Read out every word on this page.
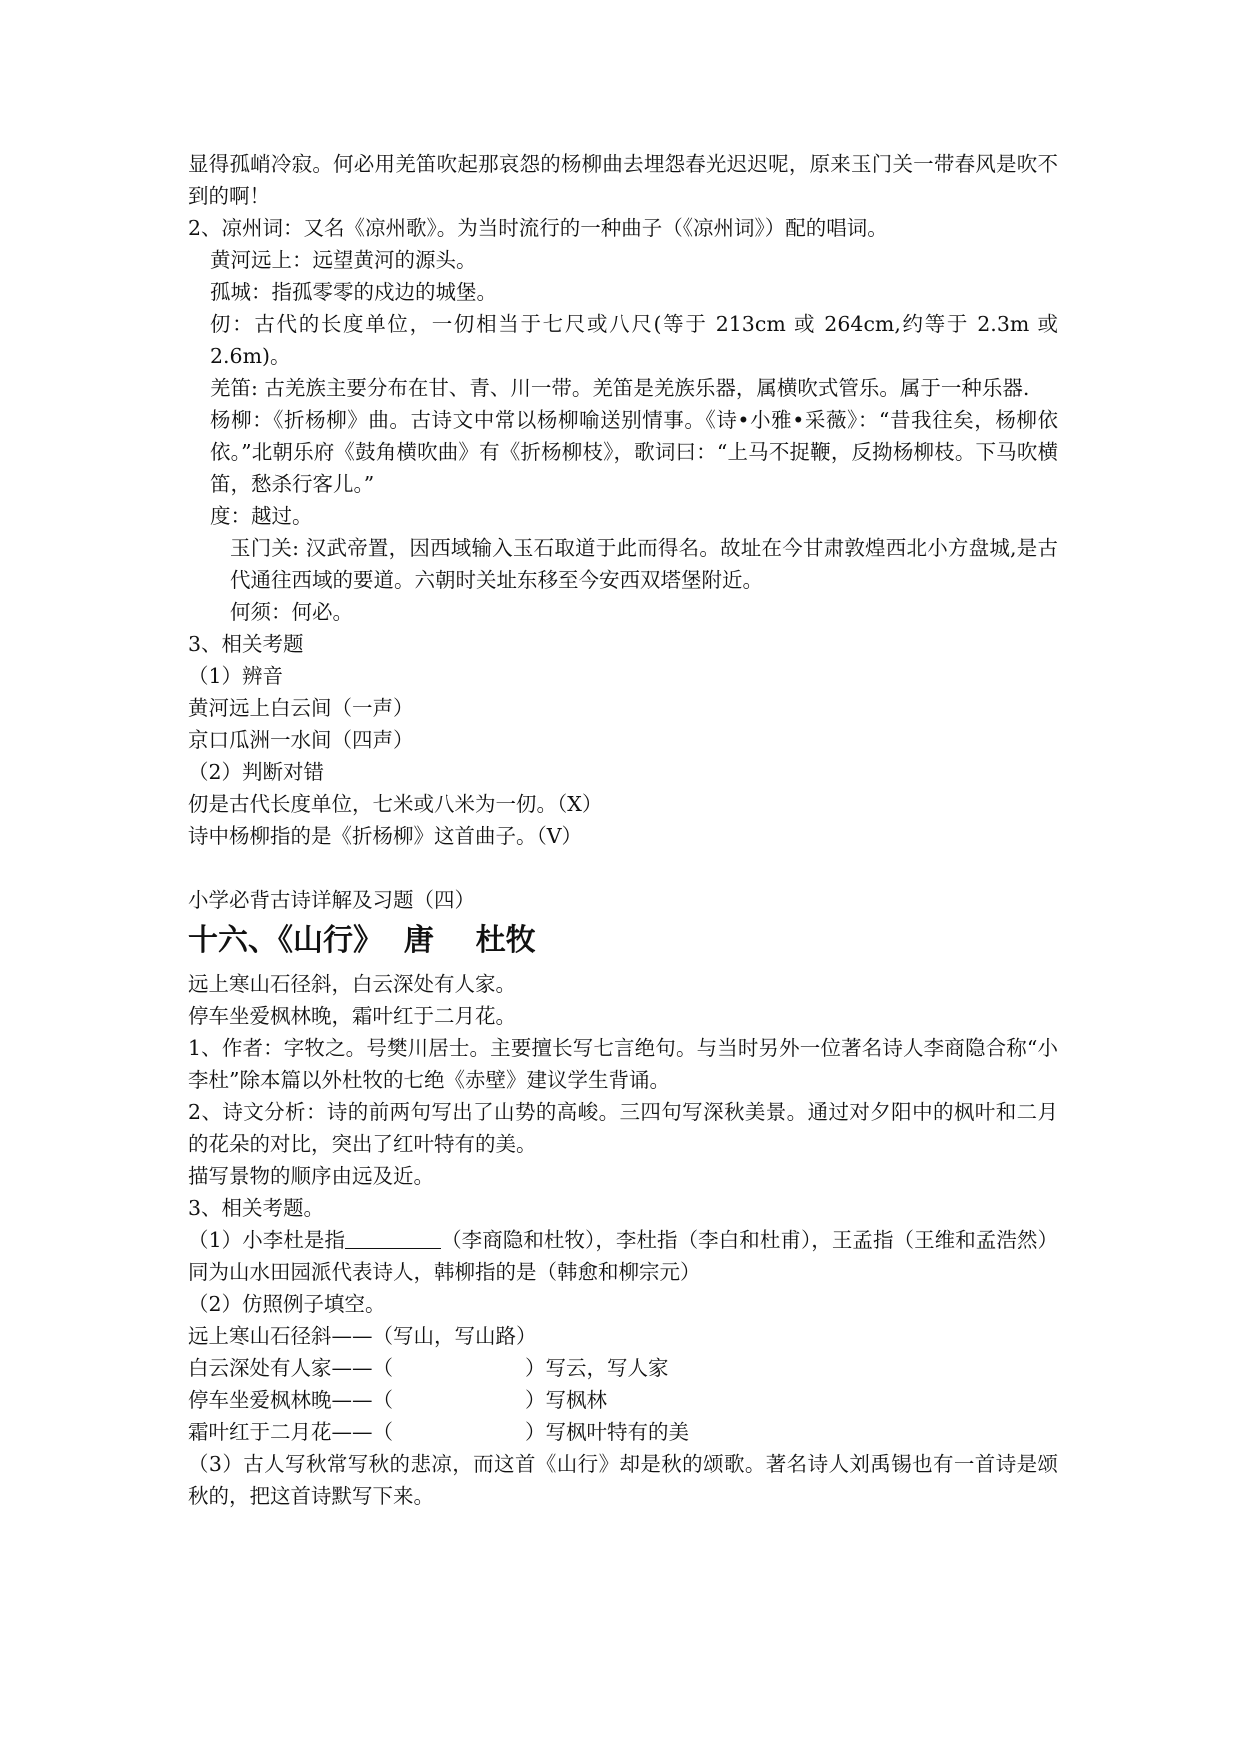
显得孤峭冷寂。何必用羌笛吹起那哀怨的杨柳曲去埋怨春光迟迟呢，原来玉门关一带春风是吹不到的啊！
2、凉州词：又名《凉州歌》。为当时流行的一种曲子（《凉州词》）配的唱词。
黄河远上：远望黄河的源头。
孤城：指孤零零的戍边的城堡。
仞：古代的长度单位，一仞相当于七尺或八尺(等于 213cm 或 264cm,约等于 2.3m 或 2.6m)。
羌笛: 古羌族主要分布在甘、青、川一带。羌笛是羌族乐器，属横吹式管乐。属于一种乐器.
杨柳：《折杨柳》曲。古诗文中常以杨柳喻送别情事。《诗•小雅•采薇》：“昔我往矣，杨柳依依。”北朝乐府《鼓角横吹曲》有《折杨柳枝》，歌词曰：“上马不捉鞭，反拗杨柳枝。下马吹横笛，愁杀行客儿。”
度：越过。
玉门关: 汉武帝置，因西域输入玉石取道于此而得名。故址在今甘肃敦煌西北小方盘城,是古代通往西域的要道。六朝时关址东移至今安西双塔堡附近。
何须：何必。
3、相关考题
（1）辨音
黄河远上白云间（一声）
京口瓜洲一水间（四声）
（2）判断对错
仞是古代长度单位，七米或八米为一仞。（X）
诗中杨柳指的是《折杨柳》这首曲子。（V）
小学必背古诗详解及习题（四）
十六、《山行》  唐    杜牧
远上寒山石径斜，白云深处有人家。
停车坐爱枫林晚，霜叶红于二月花。
1、作者：字牧之。号樊川居士。主要擅长写七言绝句。与当时另外一位著名诗人李商隐合称“小李杜”除本篇以外杜牧的七绝《赤壁》建议学生背诵。
2、诗文分析：诗的前两句写出了山势的高峻。三四句写深秋美景。通过对夕阳中的枫叶和二月的花朵的对比，突出了红叶特有的美。
描写景物的顺序由远及近。
3、相关考题。
（1）小李杜是指	（李商隐和杜牧），李杜指（李白和杜甫），王孟指（王维和孟浩然）同为山水田园派代表诗人，韩柳指的是（韩愈和柳宗元）
（2）仿照例子填空。
远上寒山石径斜——（写山，写山路）
白云深处有人家——（	）写云，写人家
停车坐爱枫林晚——（	）写枫林
霜叶红于二月花——（	）写枫叶特有的美
（3）古人写秋常写秋的悲凉，而这首《山行》却是秋的颂歌。著名诗人刘禹锡也有一首诗是颂秋的，把这首诗默写下来。
